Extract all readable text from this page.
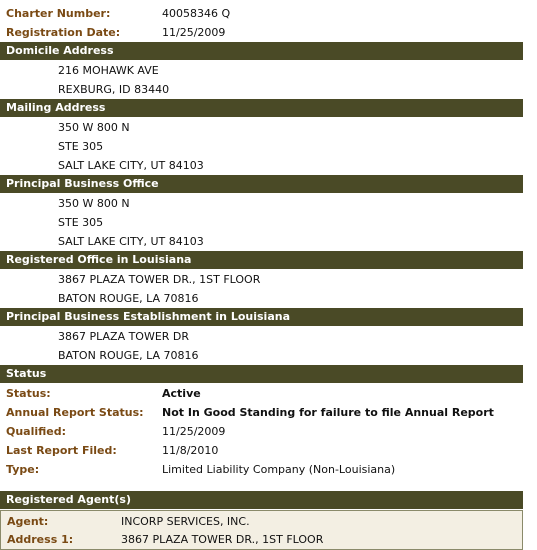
Charter Number:	40058346 Q
Registration Date:	11/25/2009
Domicile Address
216 MOHAWK AVE
REXBURG, ID 83440
Mailing Address
350 W 800 N
STE 305
SALT LAKE CITY, UT 84103
Principal Business Office
350 W 800 N
STE 305
SALT LAKE CITY, UT 84103
Registered Office in Louisiana
3867 PLAZA TOWER DR., 1ST FLOOR
BATON ROUGE, LA 70816
Principal Business Establishment in Louisiana
3867 PLAZA TOWER DR
BATON ROUGE, LA 70816
Status
Status:	Active
Annual Report Status: Not In Good Standing for failure to file Annual Report
Qualified:	11/25/2009
Last Report Filed:	11/8/2010
Type:	Limited Liability Company (Non-Louisiana)
Registered Agent(s)
Agent:	INCORP SERVICES, INC.
Address 1:	3867 PLAZA TOWER DR., 1ST FLOOR
